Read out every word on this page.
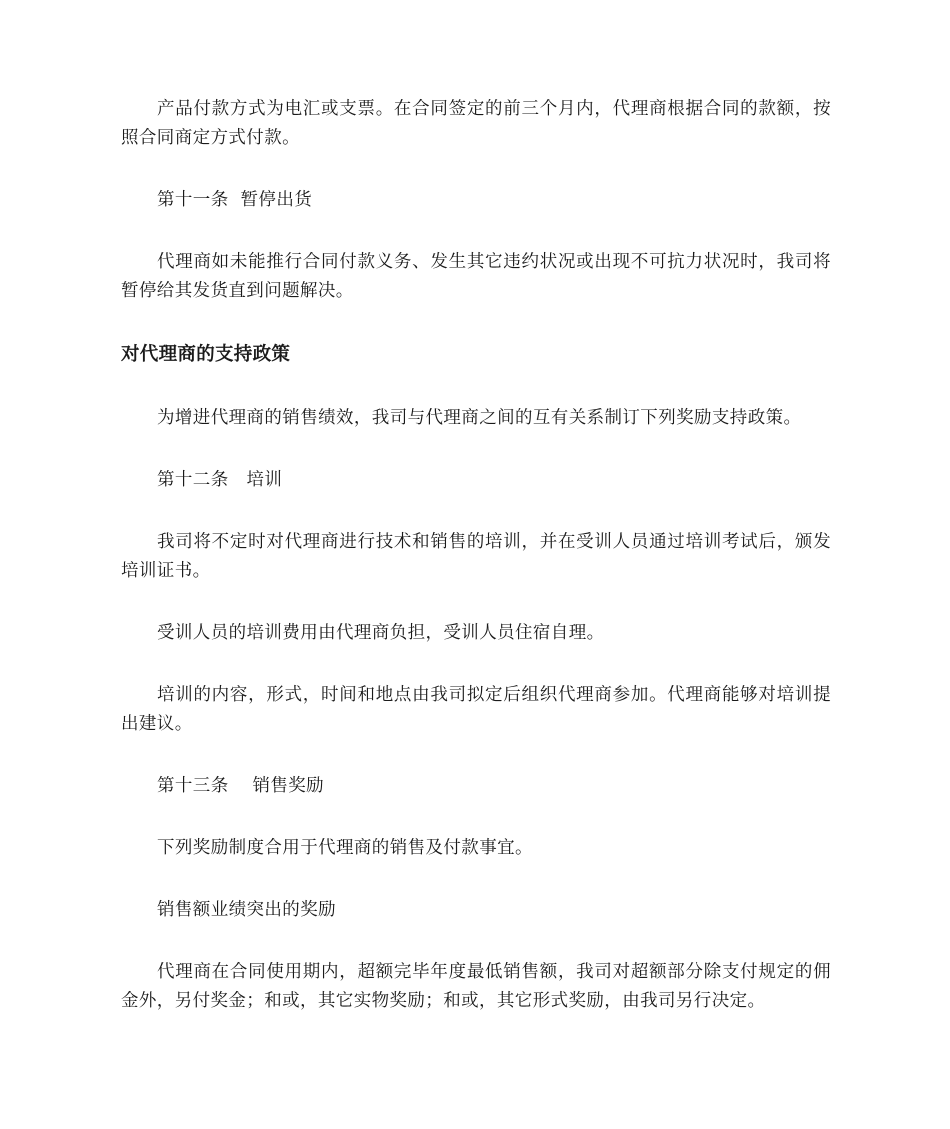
产品付款方式为电汇或支票。在合同签定的前三个月内，代理商根据合同的款额，按照合同商定方式付款。

第十一条  暂停出货

代理商如未能推行合同付款义务、发生其它违约状况或出现不可抗力状况时，我司将暂停给其发货直到问题解决。

对代理商的支持政策

为增进代理商的销售绩效，我司与代理商之间的互有关系制订下列奖励支持政策。

第十二条　培训

我司将不定时对代理商进行技术和销售的培训，并在受训人员通过培训考试后，颁发培训证书。

受训人员的培训费用由代理商负担，受训人员住宿自理。

培训的内容，形式，时间和地点由我司拟定后组织代理商参加。代理商能够对培训提出建议。

第十三条　 销售奖励

下列奖励制度合用于代理商的销售及付款事宜。

销售额业绩突出的奖励

代理商在合同使用期内，超额完毕年度最低销售额，我司对超额部分除支付规定的佣金外，另付奖金；和或，其它实物奖励；和或，其它形式奖励，由我司另行决定。
